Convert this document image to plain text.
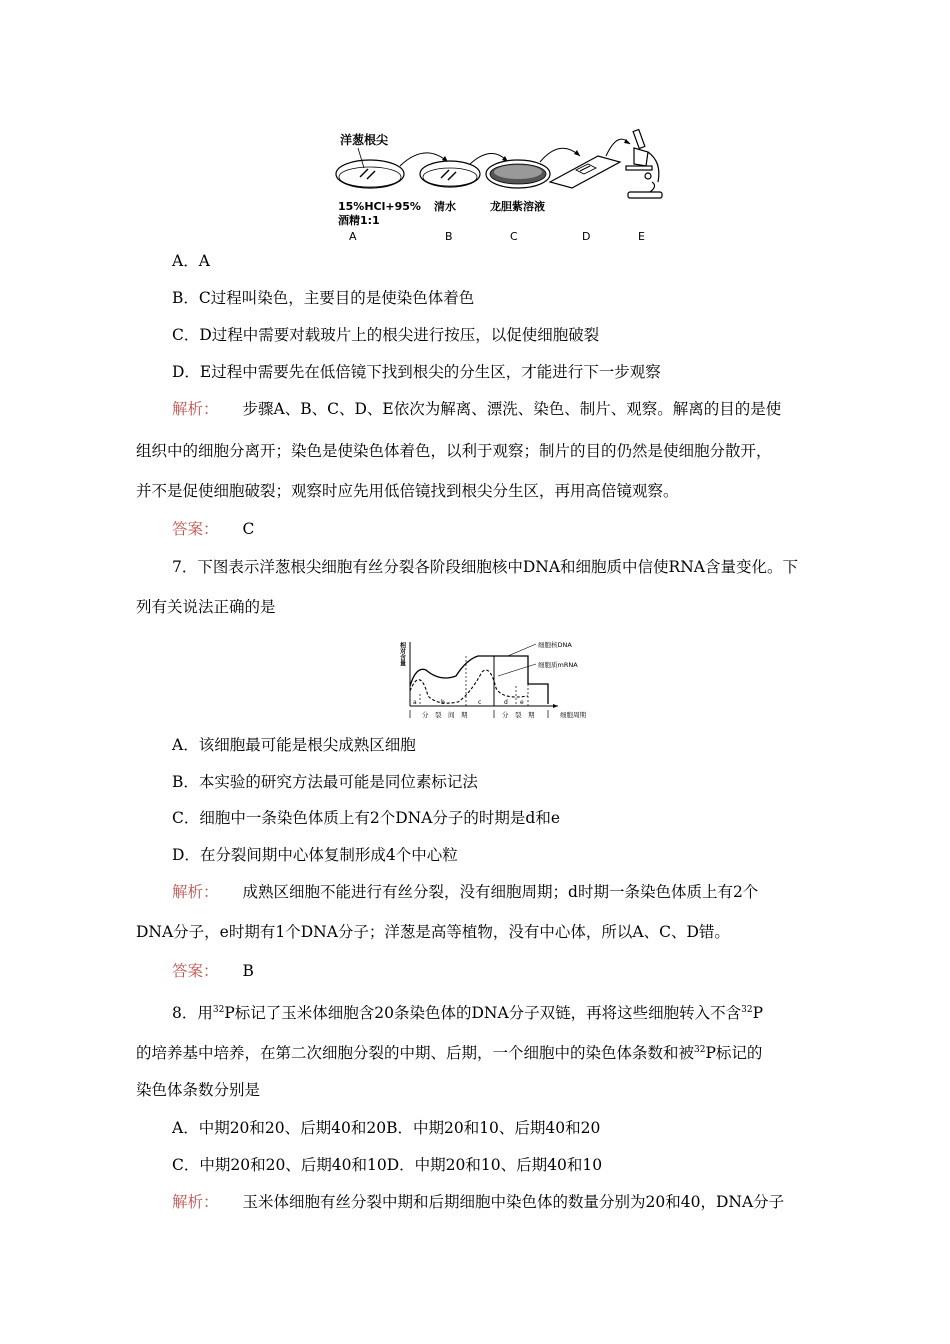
洋葱根尖
15%HCl+95%
酒精1:1
清水	龙胆紫溶液
A	B	C	D	E
A．A
B．C过程叫染色，主要目的是使染色体着色
C．D过程中需要对载玻片上的根尖进行按压，以促使细胞破裂
D．E过程中需要先在低倍镜下找到根尖的分生区，才能进行下一步观察
解析： 步骤A、B、C、D、E依次为解离、漂洗、染色、制片、观察。解离的目的是使
组织中的细胞分离开；染色是使染色体着色，以利于观察；制片的目的仍然是使细胞分散开，
并不是促使细胞破裂；观察时应先用低倍镜找到根尖分生区，再用高倍镜观察。
答案： C
7．下图表示洋葱根尖细胞有丝分裂各阶段细胞核中DNA和细胞质中信使RNA含量变化。下
列有关说法正确的是
相对含量	细胞核DNA
细胞质mRNA
a	b	c	d e
分　裂　间　期	分　裂　期	细胞周期
A．该细胞最可能是根尖成熟区细胞
B．本实验的研究方法最可能是同位素标记法
C．细胞中一条染色体质上有2个DNA分子的时期是d和e
D．在分裂间期中心体复制形成4个中心粒
解析： 成熟区细胞不能进行有丝分裂，没有细胞周期；d时期一条染色体质上有2个
DNA分子，e时期有1个DNA分子；洋葱是高等植物，没有中心体，所以A、C、D错。
答案： B
8．用$^{32}$P标记了玉米体细胞含20条染色体的DNA分子双链，再将这些细胞转入不含$^{32}$P
的培养基中培养，在第二次细胞分裂的中期、后期，一个细胞中的染色体条数和被$^{32}$P标记的
染色体条数分别是
A．中期20和20、后期40和20B．中期20和10、后期40和20
C．中期20和20、后期40和10D．中期20和10、后期40和10
解析： 玉米体细胞有丝分裂中期和后期细胞中染色体的数量分别为20和40，DNA分子
